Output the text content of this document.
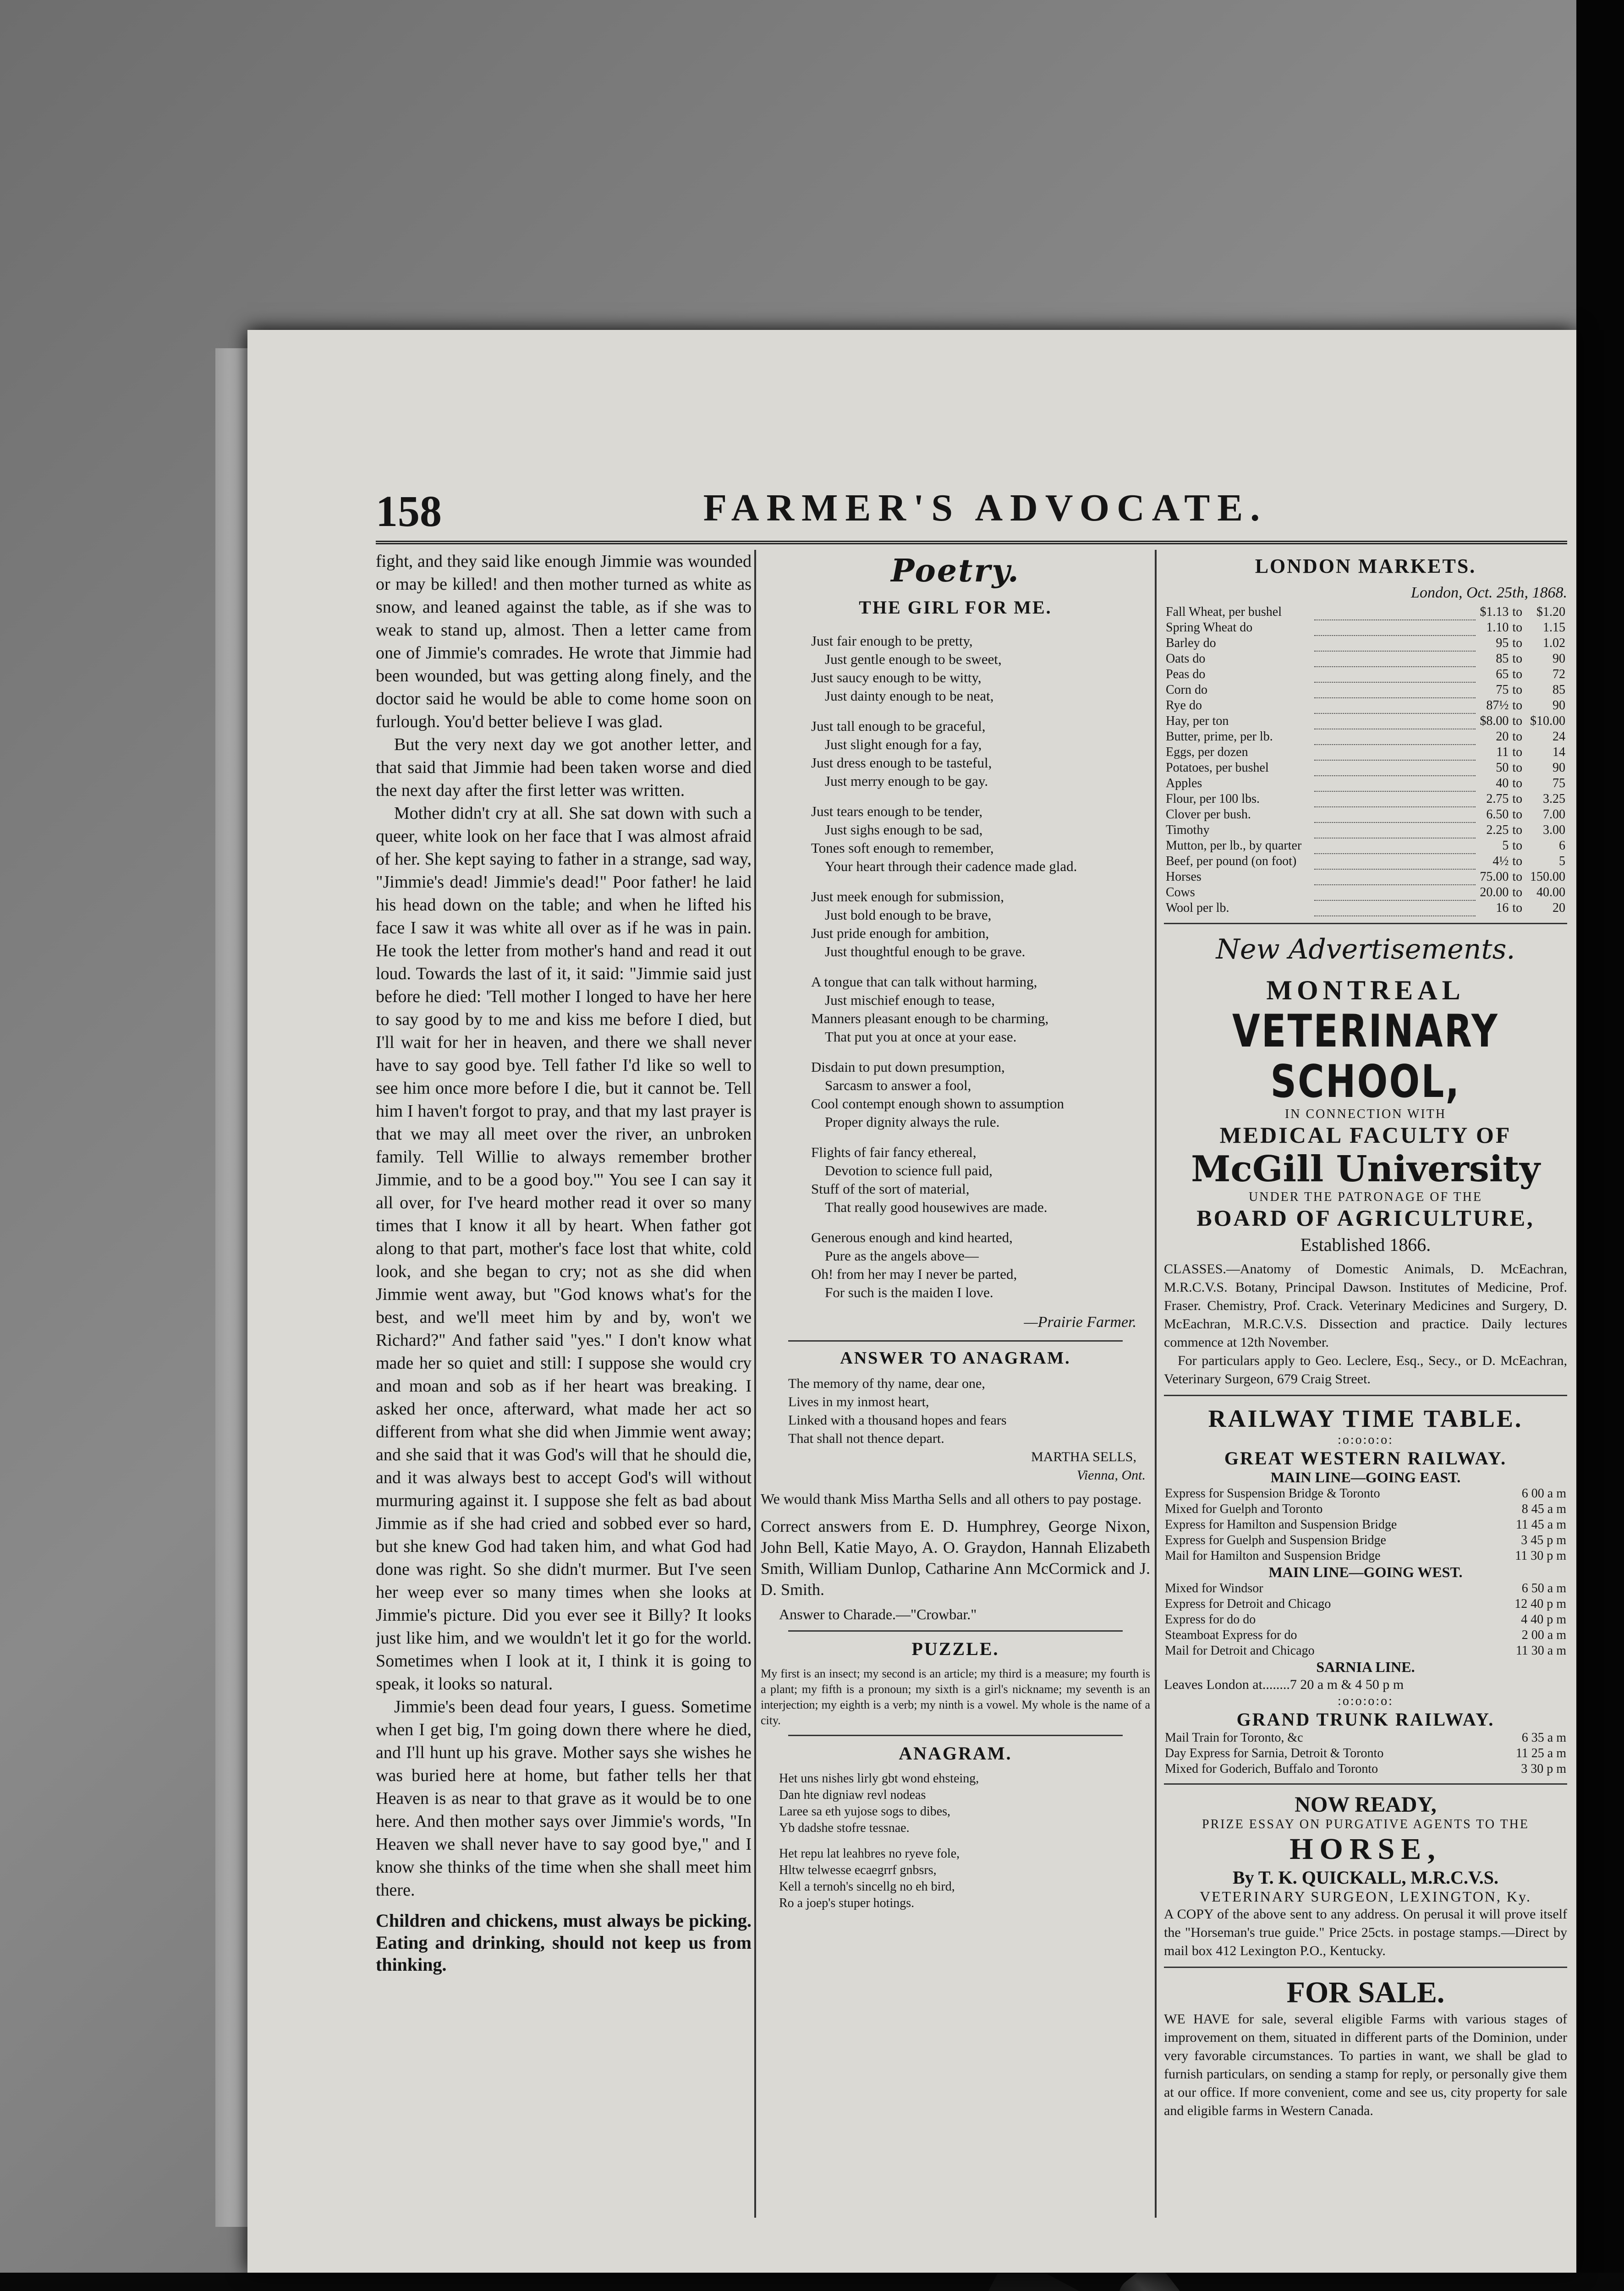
158	FARMER'S ADVOCATE.

fight, and they said like enough Jimmie was wounded or may be killed! and then mother turned as white as snow, and leaned against the table, as if she was to weak to stand up, almost. Then a letter came from one of Jimmie's comrades. He wrote that Jimmie had been wounded, but was getting along finely, and the doctor said he would be able to come home soon on furlough. You'd better believe I was glad.

But the very next day we got another letter, and that said that Jimmie had been taken worse and died the next day after the first letter was written.

Mother didn't cry at all. She sat down with such a queer, white look on her face that I was almost afraid of her. She kept saying to father in a strange, sad way, "Jimmie's dead! Jimmie's dead!" Poor father! he laid his head down on the table; and when he lifted his face I saw it was white all over as if he was in pain. He took the letter from mother's hand and read it out loud. Towards the last of it, it said: "Jimmie said just before he died: 'Tell mother I longed to have her here to say good by to me and kiss me before I died, but I'll wait for her in heaven, and there we shall never have to say good bye. Tell father I'd like so well to see him once more before I die, but it cannot be. Tell him I haven't forgot to pray, and that my last prayer is that we may all meet over the river, an unbroken family. Tell Willie to always remember brother Jimmie, and to be a good boy.'" You see I can say it all over, for I've heard mother read it over so many times that I know it all by heart. When father got along to that part, mother's face lost that white, cold look, and she began to cry; not as she did when Jimmie went away, but "God knows what's for the best, and we'll meet him by and by, won't we Richard?" And father said "yes." I don't know what made her so quiet and still: I suppose she would cry and moan and sob as if her heart was breaking. I asked her once, afterward, what made her act so different from what she did when Jimmie went away; and she said that it was God's will that he should die, and it was always best to accept God's will without murmuring against it. I suppose she felt as bad about Jimmie as if she had cried and sobbed ever so hard, but she knew God had taken him, and what God had done was right. So she didn't murmer. But I've seen her weep ever so many times when she looks at Jimmie's picture. Did you ever see it Billy? It looks just like him, and we wouldn't let it go for the world. Sometimes when I look at it, I think it is going to speak, it looks so natural.

Jimmie's been dead four years, I guess. Sometime when I get big, I'm going down there where he died, and I'll hunt up his grave. Mother says she wishes he was buried here at home, but father tells her that Heaven is as near to that grave as it would be to one here. And then mother says over Jimmie's words, "In Heaven we shall never have to say good bye," and I know she thinks of the time when she shall meet him there.

Children and chickens, must always be picking. Eating and drinking, should not keep us from thinking.

Poetry.
THE GIRL FOR ME.
Just fair enough to be pretty,
Just gentle enough to be sweet,
Just saucy enough to be witty,
Just dainty enough to be neat,
Just tall enough to be graceful,
Just slight enough for a fay,
Just dress enough to be tasteful,
Just merry enough to be gay.
Just tears enough to be tender,
Just sighs enough to be sad,
Tones soft enough to remember,
Your heart through their cadence made glad.
Just meek enough for submission,
Just bold enough to be brave,
Just pride enough for ambition,
Just thoughtful enough to be grave.
A tongue that can talk without harming,
Just mischief enough to tease,
Manners pleasant enough to be charming,
That put you at once at your ease.
Disdain to put down presumption,
Sarcasm to answer a fool,
Cool contempt enough shown to assumption
Proper dignity always the rule.
Flights of fair fancy ethereal,
Devotion to science full paid,
Stuff of the sort of material,
That really good housewives are made.
Generous enough and kind hearted,
Pure as the angels above—
Oh! from her may I never be parted,
For such is the maiden I love.
—Prairie Farmer.
ANSWER TO ANAGRAM.
The memory of thy name, dear one,
Lives in my inmost heart,
Linked with a thousand hopes and fears
That shall not thence depart.
MARTHA SELLS,
Vienna, Ont.
We would thank Miss Martha Sells and all others to pay postage.
Correct answers from E. D. Humphrey, George Nixon, John Bell, Katie Mayo, A. O. Graydon, Hannah Elizabeth Smith, William Dunlop, Catharine Ann McCormick and J. D. Smith.
Answer to Charade.—"Crowbar."
PUZZLE.
My first is an insect; my second is an article; my third is a measure; my fourth is a plant; my fifth is a pronoun; my sixth is a girl's nickname; my seventh is an interjection; my eighth is a verb; my ninth is a vowel. My whole is the name of a city.
ANAGRAM.
Het uns nishes lirly gbt wond ehsteing,
Dan hte digniaw revl nodeas
Laree sa eth yujose sogs to dibes,
Yb dadshe stofre tessnae.
Het repu lat leahbres no ryeve fole,
Hltw telwesse ecaegrrf gnbsrs,
Kell a ternoh's sincellg no eh bird,
Ro a joep's stuper hotings.
LONDON MARKETS.
London, Oct. 25th, 1868.
Fall Wheat, per bushel		$1.13	to	$1.20
Spring Wheat do		1.10	to	1.15
Barley do		95	to	1.02
Oats do		85	to	90
Peas do		65	to	72
Corn do		75	to	85
Rye do		87½	to	90
Hay, per ton		$8.00	to	$10.00
Butter, prime, per lb.		20	to	24
Eggs, per dozen		11	to	14
Potatoes, per bushel		50	to	90
Apples		40	to	75
Flour, per 100 lbs.		2.75	to	3.25
Clover per bush.		6.50	to	7.00
Timothy		2.25	to	3.00
Mutton, per lb., by quarter		5	to	6
Beef, per pound (on foot)		4½	to	5
Horses		75.00	to	150.00
Cows		20.00	to	40.00
Wool per lb.		16	to	20
New Advertisements.
MONTREAL
VETERINARY SCHOOL,
IN CONNECTION WITH
MEDICAL FACULTY OF
McGill University
UNDER THE PATRONAGE OF THE
BOARD OF AGRICULTURE,
Established 1866.
CLASSES.—Anatomy of Domestic Animals, D. McEachran, M.R.C.V.S. Botany, Principal Dawson. Institutes of Medicine, Prof. Fraser. Chemistry, Prof. Crack. Veterinary Medicines and Surgery, D. McEachran, M.R.C.V.S. Dissection and practice. Daily lectures commence at 12th November.
For particulars apply to Geo. Leclere, Esq., Secy., or D. McEachran, Veterinary Surgeon, 679 Craig Street.
RAILWAY TIME TABLE.
:o:o:o:o:
GREAT WESTERN RAILWAY.
MAIN LINE—GOING EAST.
Express for Suspension Bridge & Toronto	6 00 a m
Mixed for Guelph and Toronto	8 45 a m
Express for Hamilton and Suspension Bridge	11 45 a m
Express for Guelph and Suspension Bridge	3 45 p m
Mail for Hamilton and Suspension Bridge	11 30 p m
MAIN LINE—GOING WEST.
Mixed for Windsor	6 50 a m
Express for Detroit and Chicago	12 40 p m
Express for do do	4 40 p m
Steamboat Express for do	2 00 a m
Mail for Detroit and Chicago	11 30 a m
SARNIA LINE.
Leaves London at........7 20 a m & 4 50 p m
:o:o:o:o:
GRAND TRUNK RAILWAY.
Mail Train for Toronto, &c	6 35 a m
Day Express for Sarnia, Detroit & Toronto	11 25 a m
Mixed for Goderich, Buffalo and Toronto	3 30 p m
NOW READY,
PRIZE ESSAY ON PURGATIVE AGENTS TO THE
HORSE,
By T. K. QUICKALL, M.R.C.V.S.
VETERINARY SURGEON, LEXINGTON, Ky.
A COPY of the above sent to any address. On perusal it will prove itself the "Horseman's true guide." Price 25cts. in postage stamps.—Direct by mail box 412 Lexington P.O., Kentucky.
FOR SALE.
WE HAVE for sale, several eligible Farms with various stages of improvement on them, situated in different parts of the Dominion, under very favorable circumstances. To parties in want, we shall be glad to furnish particulars, on sending a stamp for reply, or personally give them at our office. If more convenient, come and see us, city property for sale and eligible farms in Western Canada.
